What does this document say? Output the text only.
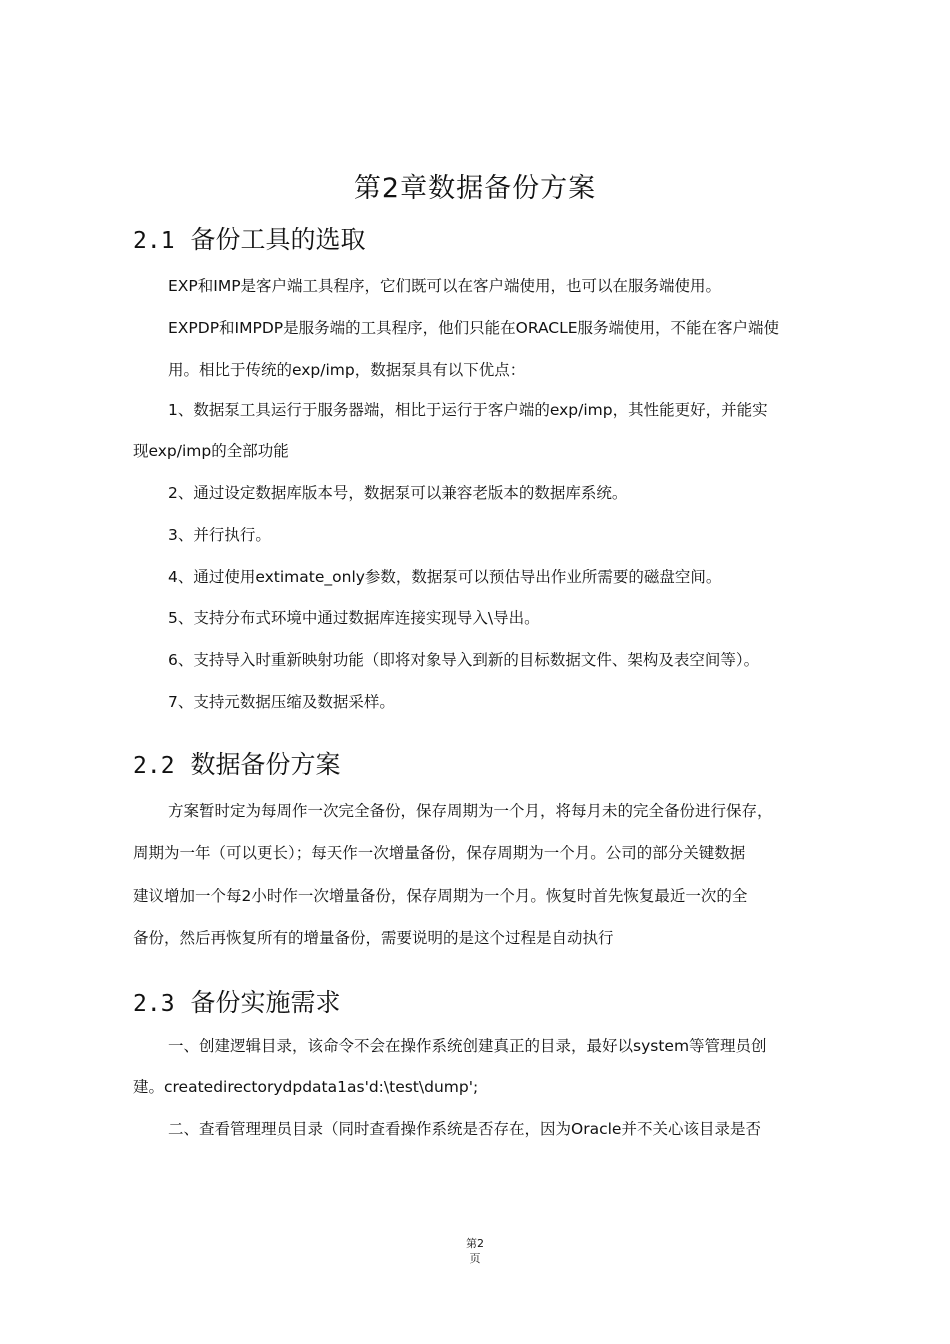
第2章数据备份方案
2.1 备份工具的选取

EXP和IMP是客户端工具程序，它们既可以在客户端使用，也可以在服务端使用。

EXPDP和IMPDP是服务端的工具程序，他们只能在ORACLE服务端使用，不能在客户端使

用。相比于传统的exp/imp，数据泵具有以下优点：

1、数据泵工具运行于服务器端，相比于运行于客户端的exp/imp，其性能更好，并能实

现exp/imp的全部功能

2、通过设定数据库版本号，数据泵可以兼容老版本的数据库系统。

3、并行执行。

4、通过使用extimate_only参数，数据泵可以预估导出作业所需要的磁盘空间。

5、支持分布式环境中通过数据库连接实现导入\导出。

6、支持导入时重新映射功能（即将对象导入到新的目标数据文件、架构及表空间等）。

7、支持元数据压缩及数据采样。

2.2 数据备份方案

方案暂时定为每周作一次完全备份，保存周期为一个月，将每月未的完全备份进行保存，

周期为一年（可以更长）；每天作一次增量备份，保存周期为一个月。公司的部分关键数据

建议增加一个每2小时作一次增量备份，保存周期为一个月。恢复时首先恢复最近一次的全

备份，然后再恢复所有的增量备份，需要说明的是这个过程是自动执行

2.3 备份实施需求

一、创建逻辑目录，该命令不会在操作系统创建真正的目录，最好以system等管理员创

建。createdirectorydpdata1as'd:\test\dump';

二、查看管理理员目录（同时查看操作系统是否存在，因为Oracle并不关心该目录是否

第2
页
